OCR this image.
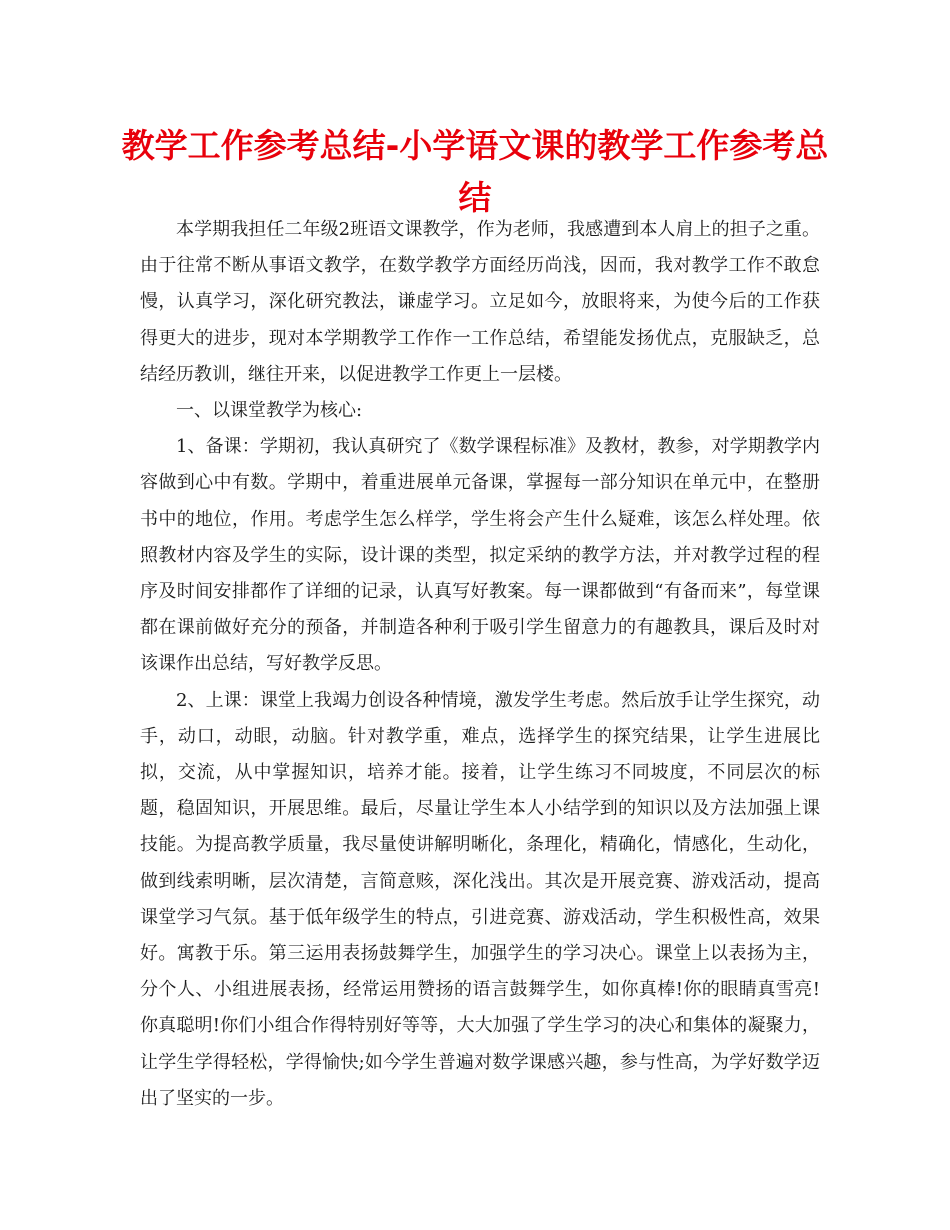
教学工作参考总结-小学语文课的教学工作参考总结

本学期我担任二年级2班语文课教学，作为老师，我感遭到本人肩上的担子之重。由于往常不断从事语文教学，在数学教学方面经历尚浅，因而，我对教学工作不敢怠慢，认真学习，深化研究教法，谦虚学习。立足如今，放眼将来，为使今后的工作获得更大的进步，现对本学期教学工作作一工作总结，希望能发扬优点，克服缺乏，总结经历教训，继往开来，以促进教学工作更上一层楼。

一、以课堂教学为核心:

1、备课：学期初，我认真研究了《数学课程标准》及教材，教参，对学期教学内容做到心中有数。学期中，着重进展单元备课，掌握每一部分知识在单元中，在整册书中的地位，作用。考虑学生怎么样学，学生将会产生什么疑难，该怎么样处理。依照教材内容及学生的实际，设计课的类型，拟定采纳的教学方法，并对教学过程的程序及时间安排都作了详细的记录，认真写好教案。每一课都做到“有备而来”，每堂课都在课前做好充分的预备，并制造各种利于吸引学生留意力的有趣教具，课后及时对该课作出总结，写好教学反思。

2、上课：课堂上我竭力创设各种情境，激发学生考虑。然后放手让学生探究，动手，动口，动眼，动脑。针对教学重，难点，选择学生的探究结果，让学生进展比拟，交流，从中掌握知识，培养才能。接着，让学生练习不同坡度，不同层次的标题，稳固知识，开展思维。最后，尽量让学生本人小结学到的知识以及方法加强上课技能。为提高教学质量，我尽量使讲解明晰化，条理化，精确化，情感化，生动化，做到线索明晰，层次清楚，言简意赅，深化浅出。其次是开展竞赛、游戏活动，提高课堂学习气氛。基于低年级学生的特点，引进竞赛、游戏活动，学生积极性高，效果好。寓教于乐。第三运用表扬鼓舞学生，加强学生的学习决心。课堂上以表扬为主，分个人、小组进展表扬，经常运用赞扬的语言鼓舞学生，如你真棒!你的眼睛真雪亮!你真聪明!你们小组合作得特别好等等，大大加强了学生学习的决心和集体的凝聚力，让学生学得轻松，学得愉快;如今学生普遍对数学课感兴趣，参与性高，为学好数学迈出了坚实的一步。
